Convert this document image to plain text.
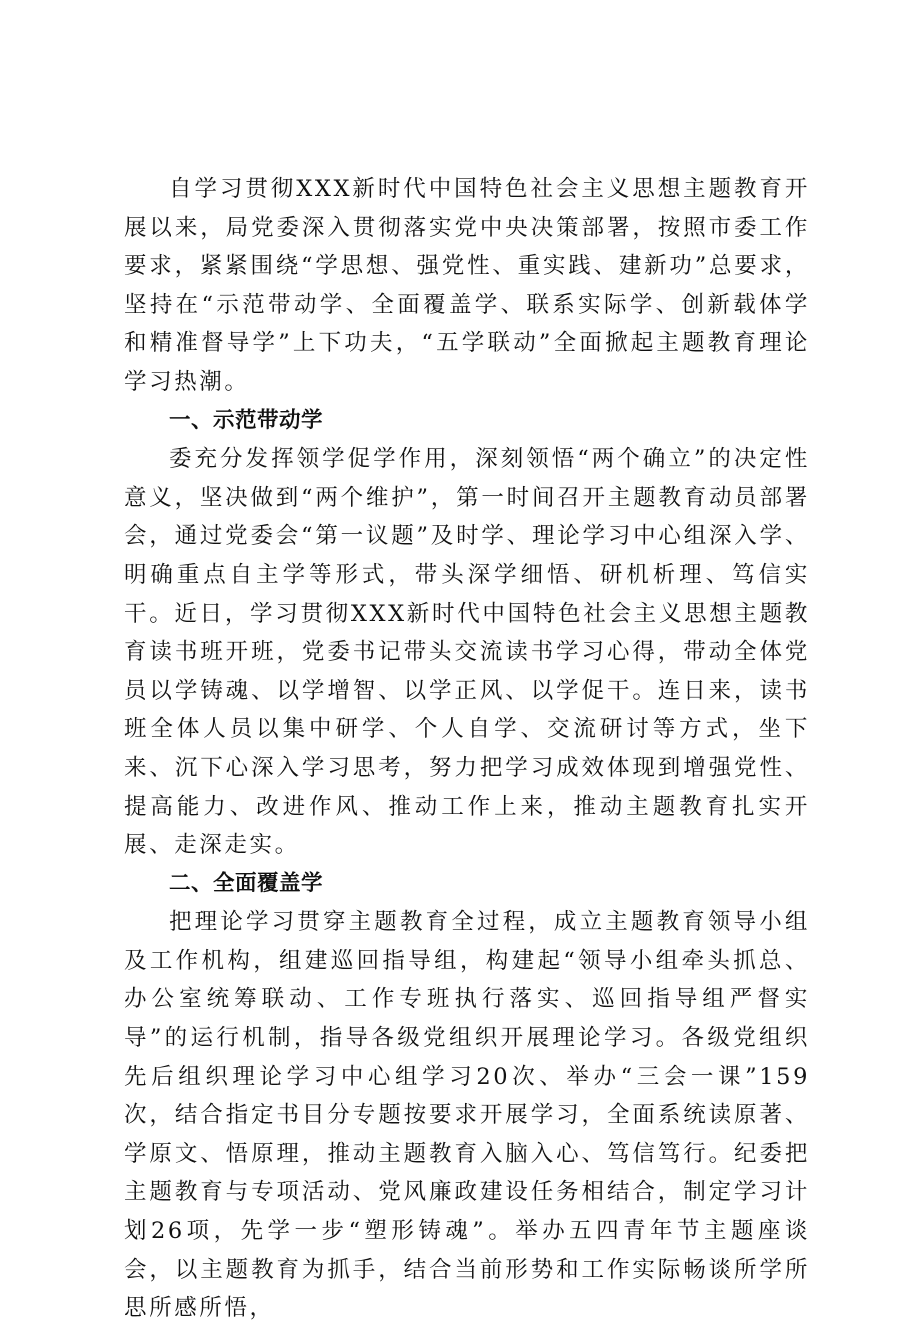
自学习贯彻XXX新时代中国特色社会主义思想主题教育开展以来，局党委深入贯彻落实党中央决策部署，按照市委工作要求，紧紧围绕“学思想、强党性、重实践、建新功”总要求，坚持在“示范带动学、全面覆盖学、联系实际学、创新载体学和精准督导学”上下功夫，“五学联动”全面掀起主题教育理论学习热潮。

一、示范带动学

委充分发挥领学促学作用，深刻领悟“两个确立”的决定性意义，坚决做到“两个维护”，第一时间召开主题教育动员部署会，通过党委会“第一议题”及时学、理论学习中心组深入学、明确重点自主学等形式，带头深学细悟、研机析理、笃信实干。近日，学习贯彻XXX新时代中国特色社会主义思想主题教育读书班开班，党委书记带头交流读书学习心得，带动全体党员以学铸魂、以学增智、以学正风、以学促干。连日来，读书班全体人员以集中研学、个人自学、交流研讨等方式，坐下来、沉下心深入学习思考，努力把学习成效体现到增强党性、提高能力、改进作风、推动工作上来，推动主题教育扎实开展、走深走实。

二、全面覆盖学

把理论学习贯穿主题教育全过程，成立主题教育领导小组及工作机构，组建巡回指导组，构建起“领导小组牵头抓总、办公室统筹联动、工作专班执行落实、巡回指导组严督实导”的运行机制，指导各级党组织开展理论学习。各级党组织先后组织理论学习中心组学习20次、举办“三会一课”159次，结合指定书目分专题按要求开展学习，全面系统读原著、学原文、悟原理，推动主题教育入脑入心、笃信笃行。纪委把主题教育与专项活动、党风廉政建设任务相结合，制定学习计划26项，先学一步“塑形铸魂”。举办五四青年节主题座谈会，以主题教育为抓手，结合当前形势和工作实际畅谈所学所思所感所悟，
